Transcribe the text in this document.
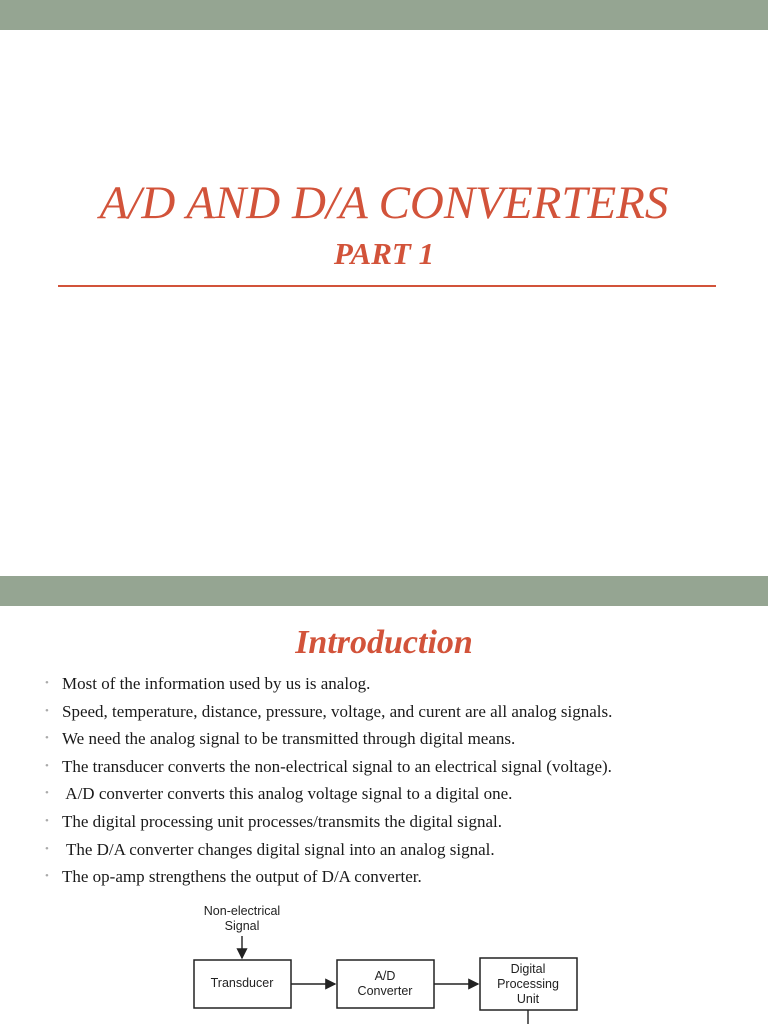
A/D AND D/A CONVERTERS
PART 1
Introduction
• Most of the information used by us is analog.
• Speed, temperature, distance, pressure, voltage, and curent are all analog signals.
• We need the analog signal to be transmitted through digital means.
• The transducer converts the non-electrical signal to an electrical signal (voltage).
• A/D converter converts this analog voltage signal to a digital one.
• The digital processing unit processes/transmits the digital signal.
• The D/A converter changes digital signal into an analog signal.
• The op-amp strengthens the output of D/A converter.
Non-electrical
Signal
Transducer	A/D
Converter
Digital
Processing
Unit
